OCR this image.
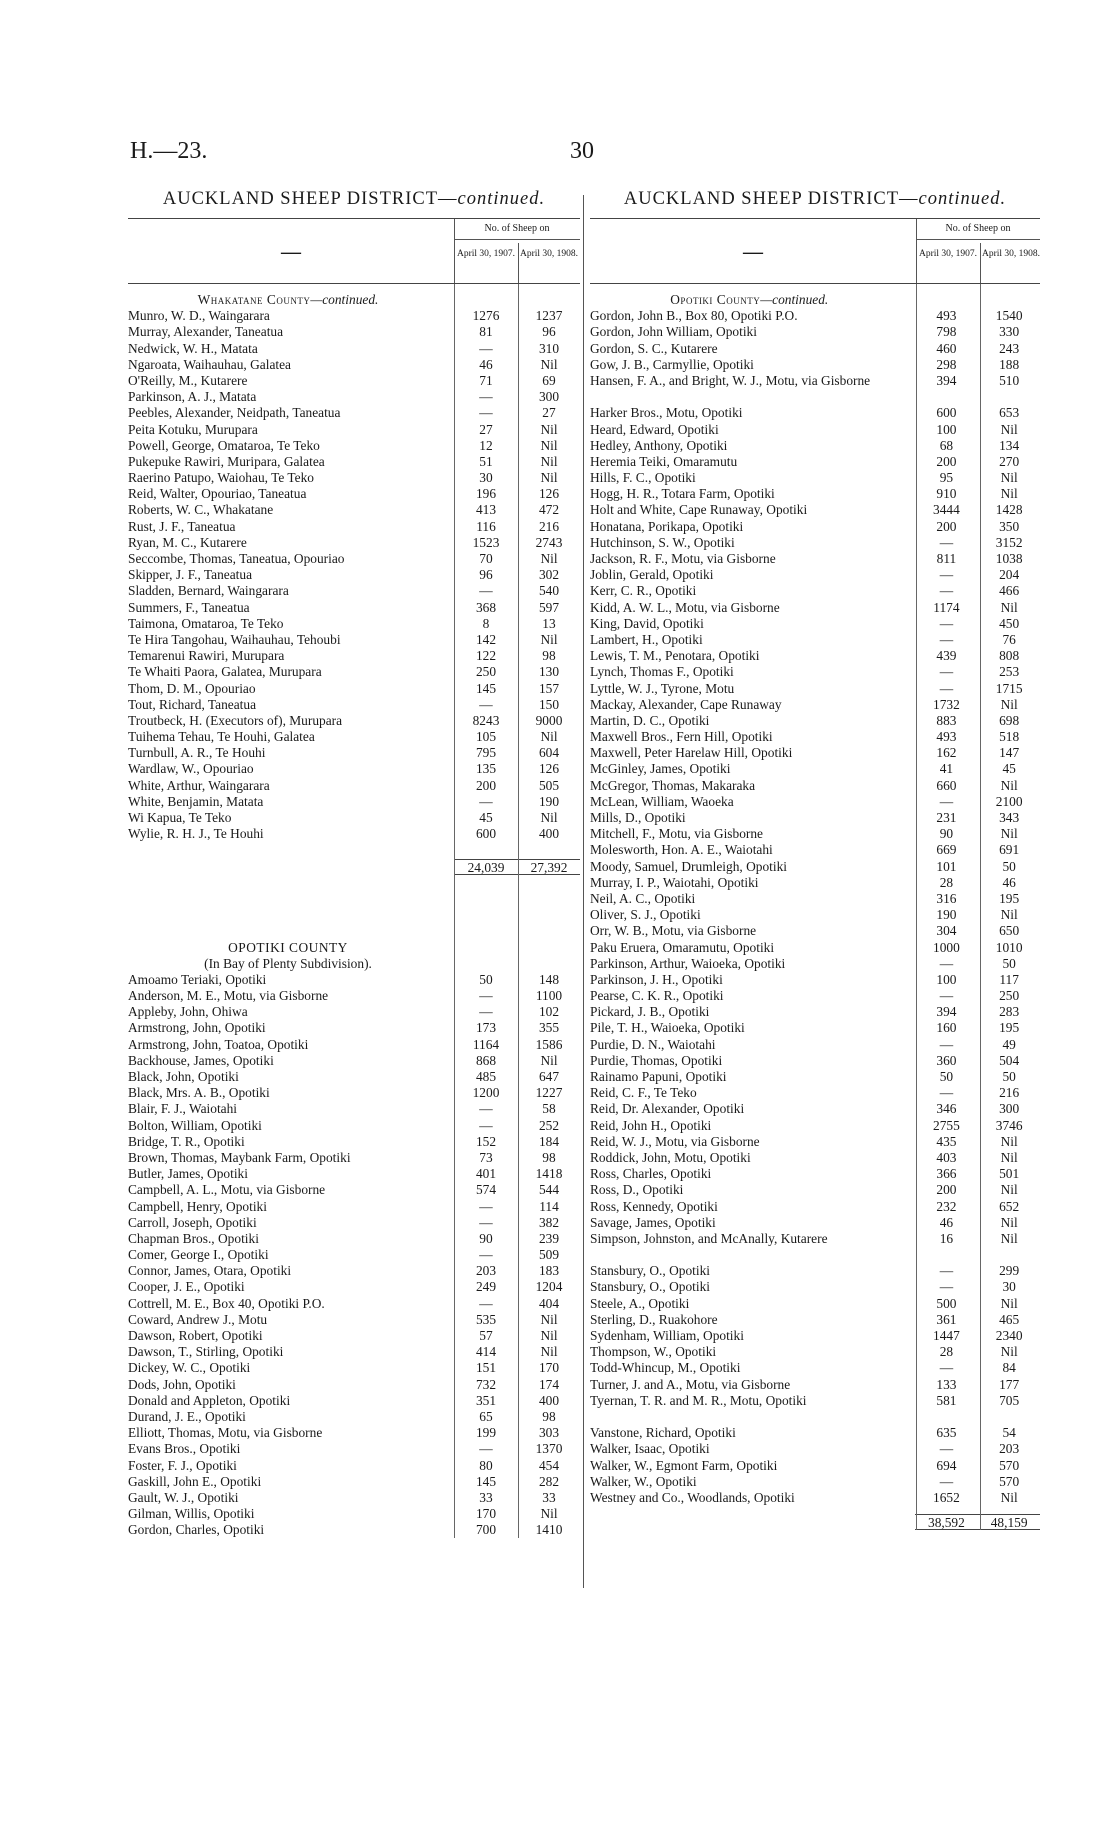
H.—23.	30
AUCKLAND SHEEP DISTRICT—continued.
—
No. of Sheep on
April 30, 1907. April 30, 1908.
Whakatane County—continued.
Munro, W. D., Waingarara	1276	1237
Murray, Alexander, Taneatua	81	96
Nedwick, W. H., Matata	—	310
Ngaroata, Waihauhau, Galatea	46	Nil
O'Reilly, M., Kutarere	71	69
Parkinson, A. J., Matata	—	300
Peebles, Alexander, Neidpath, Taneatua	—	27
Peita Kotuku, Murupara	27	Nil
Powell, George, Omataroa, Te Teko	12	Nil
Pukepuke Rawiri, Muripara, Galatea	51	Nil
Raerino Patupo, Waiohau, Te Teko	30	Nil
Reid, Walter, Opouriao, Taneatua	196	126
Roberts, W. C., Whakatane	413	472
Rust, J. F., Taneatua	116	216
Ryan, M. C., Kutarere	1523	2743
Seccombe, Thomas, Taneatua, Opouriao	70	Nil
Skipper, J. F., Taneatua	96	302
Sladden, Bernard, Waingarara	—	540
Summers, F., Taneatua	368	597
Taimona, Omataroa, Te Teko	8	13
Te Hira Tangohau, Waihauhau, Tehoubi	142	Nil
Temarenui Rawiri, Murupara	122	98
Te Whaiti Paora, Galatea, Murupara	250	130
Thom, D. M., Opouriao	145	157
Tout, Richard, Taneatua	—	150
Troutbeck, H. (Executors of), Murupara	8243	9000
Tuihema Tehau, Te Houhi, Galatea	105	Nil
Turnbull, A. R., Te Houhi	795	604
Wardlaw, W., Opouriao	135	126
White, Arthur, Waingarara	200	505
White, Benjamin, Matata	—	190
Wi Kapua, Te Teko	45	Nil
Wylie, R. H. J., Te Houhi	600	400
24,039	27,392
OPOTIKI COUNTY
(In Bay of Plenty Subdivision).
Amoamo Teriaki, Opotiki	50	148
Anderson, M. E., Motu, via Gisborne	—	1100
Appleby, John, Ohiwa	—	102
Armstrong, John, Opotiki	173	355
Armstrong, John, Toatoa, Opotiki	1164	1586
Backhouse, James, Opotiki	868	Nil
Black, John, Opotiki	485	647
Black, Mrs. A. B., Opotiki	1200	1227
Blair, F. J., Waiotahi	—	58
Bolton, William, Opotiki	—	252
Bridge, T. R., Opotiki	152	184
Brown, Thomas, Maybank Farm, Opotiki	73	98
Butler, James, Opotiki	401	1418
Campbell, A. L., Motu, via Gisborne	574	544
Campbell, Henry, Opotiki	—	114
Carroll, Joseph, Opotiki	—	382
Chapman Bros., Opotiki	90	239
Comer, George I., Opotiki	—	509
Connor, James, Otara, Opotiki	203	183
Cooper, J. E., Opotiki	249	1204
Cottrell, M. E., Box 40, Opotiki P.O.	—	404
Coward, Andrew J., Motu	535	Nil
Dawson, Robert, Opotiki	57	Nil
Dawson, T., Stirling, Opotiki	414	Nil
Dickey, W. C., Opotiki	151	170
Dods, John, Opotiki	732	174
Donald and Appleton, Opotiki	351	400
Durand, J. E., Opotiki	65	98
Elliott, Thomas, Motu, via Gisborne	199	303
Evans Bros., Opotiki	—	1370
Foster, F. J., Opotiki	80	454
Gaskill, John E., Opotiki	145	282
Gault, W. J., Opotiki	33	33
Gilman, Willis, Opotiki	170	Nil
Gordon, Charles, Opotiki	700	1410
AUCKLAND SHEEP DISTRICT—continued.
—
No. of Sheep on
April 30, 1907. April 30, 1908.
Opotiki County—continued.
Gordon, John B., Box 80, Opotiki P.O.	493	1540
Gordon, John William, Opotiki	798	330
Gordon, S. C., Kutarere	460	243
Gow, J. B., Carmyllie, Opotiki	298	188
Hansen, F. A., and Bright, W. J., Motu, via Gisborne	394	510
Harker Bros., Motu, Opotiki	600	653
Heard, Edward, Opotiki	100	Nil
Hedley, Anthony, Opotiki	68	134
Heremia Teiki, Omaramutu	200	270
Hills, F. C., Opotiki	95	Nil
Hogg, H. R., Totara Farm, Opotiki	910	Nil
Holt and White, Cape Runaway, Opotiki	3444	1428
Honatana, Porikapa, Opotiki	200	350
Hutchinson, S. W., Opotiki	—	3152
Jackson, R. F., Motu, via Gisborne	811	1038
Joblin, Gerald, Opotiki	—	204
Kerr, C. R., Opotiki	—	466
Kidd, A. W. L., Motu, via Gisborne	1174	Nil
King, David, Opotiki	—	450
Lambert, H., Opotiki	—	76
Lewis, T. M., Penotara, Opotiki	439	808
Lynch, Thomas F., Opotiki	—	253
Lyttle, W. J., Tyrone, Motu	—	1715
Mackay, Alexander, Cape Runaway	1732	Nil
Martin, D. C., Opotiki	883	698
Maxwell Bros., Fern Hill, Opotiki	493	518
Maxwell, Peter Harelaw Hill, Opotiki	162	147
McGinley, James, Opotiki	41	45
McGregor, Thomas, Makaraka	660	Nil
McLean, William, Waoeka	—	2100
Mills, D., Opotiki	231	343
Mitchell, F., Motu, via Gisborne	90	Nil
Molesworth, Hon. A. E., Waiotahi	669	691
Moody, Samuel, Drumleigh, Opotiki	101	50
Murray, I. P., Waiotahi, Opotiki	28	46
Neil, A. C., Opotiki	316	195
Oliver, S. J., Opotiki	190	Nil
Orr, W. B., Motu, via Gisborne	304	650
Paku Eruera, Omaramutu, Opotiki	1000	1010
Parkinson, Arthur, Waioeka, Opotiki	—	50
Parkinson, J. H., Opotiki	100	117
Pearse, C. K. R., Opotiki	—	250
Pickard, J. B., Opotiki	394	283
Pile, T. H., Waioeka, Opotiki	160	195
Purdie, D. N., Waiotahi	—	49
Purdie, Thomas, Opotiki	360	504
Rainamo Papuni, Opotiki	50	50
Reid, C. F., Te Teko	—	216
Reid, Dr. Alexander, Opotiki	346	300
Reid, John H., Opotiki	2755	3746
Reid, W. J., Motu, via Gisborne	435	Nil
Roddick, John, Motu, Opotiki	403	Nil
Ross, Charles, Opotiki	366	501
Ross, D., Opotiki	200	Nil
Ross, Kennedy, Opotiki	232	652
Savage, James, Opotiki	46	Nil
Simpson, Johnston, and McAnally, Kutarere	16	Nil
Stansbury, O., Opotiki	—	299
Stansbury, O., Opotiki	—	30
Steele, A., Opotiki	500	Nil
Sterling, D., Ruakohore	361	465
Sydenham, William, Opotiki	1447	2340
Thompson, W., Opotiki	28	Nil
Todd-Whincup, M., Opotiki	—	84
Turner, J. and A., Motu, via Gisborne	133	177
Tyernan, T. R. and M. R., Motu, Opotiki	581	705
Vanstone, Richard, Opotiki	635	54
Walker, Isaac, Opotiki	—	203
Walker, W., Egmont Farm, Opotiki	694	570
Walker, W., Opotiki	—	570
Westney and Co., Woodlands, Opotiki	1652	Nil
38,592	48,159
